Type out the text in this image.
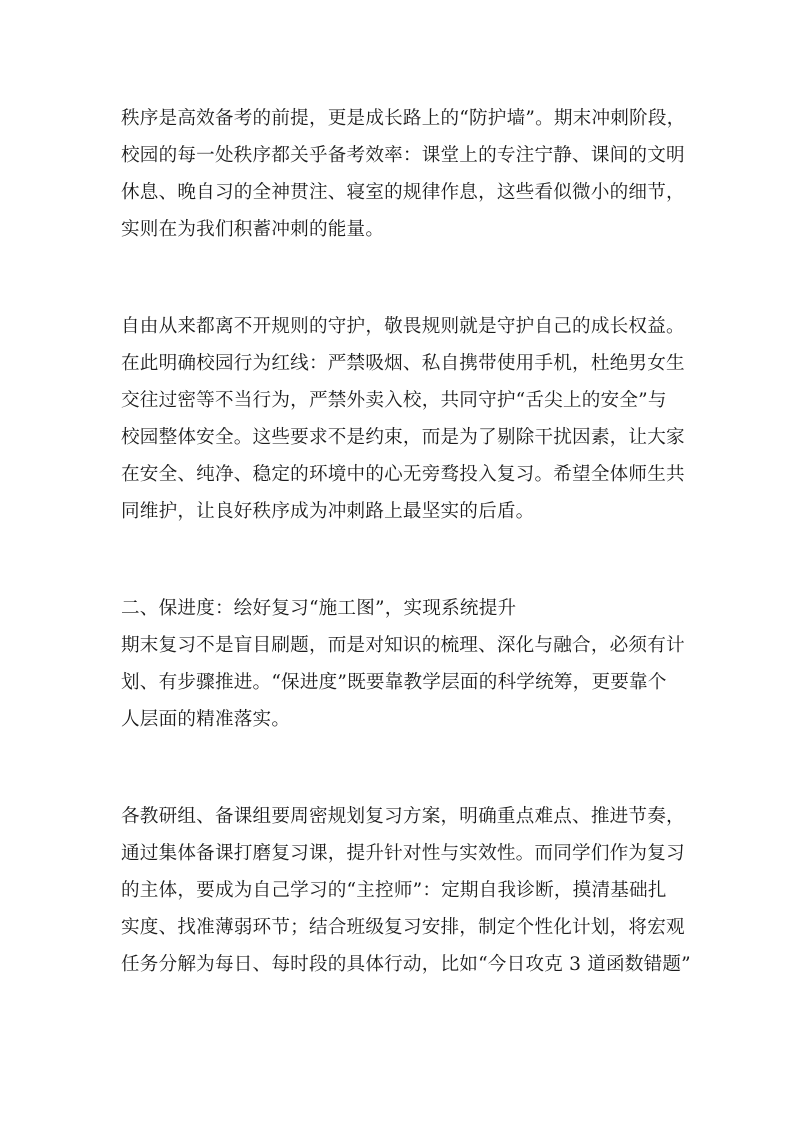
秩序是高效备考的前提，更是成长路上的“防护墙”。期末冲刺阶段，
校园的每一处秩序都关乎备考效率：课堂上的专注宁静、课间的文明
休息、晚自习的全神贯注、寝室的规律作息，这些看似微小的细节，
实则在为我们积蓄冲刺的能量。
自由从来都离不开规则的守护，敬畏规则就是守护自己的成长权益。
在此明确校园行为红线：严禁吸烟、私自携带使用手机，杜绝男女生
交往过密等不当行为，严禁外卖入校，共同守护“舌尖上的安全”与
校园整体安全。这些要求不是约束，而是为了剔除干扰因素，让大家
在安全、纯净、稳定的环境中的心无旁骛投入复习。希望全体师生共
同维护，让良好秩序成为冲刺路上最坚实的后盾。
二、保进度：绘好复习“施工图”，实现系统提升
期末复习不是盲目刷题，而是对知识的梳理、深化与融合，必须有计
划、有步骤推进。“保进度”既要靠教学层面的科学统筹，更要靠个
人层面的精准落实。
各教研组、备课组要周密规划复习方案，明确重点难点、推进节奏，
通过集体备课打磨复习课，提升针对性与实效性。而同学们作为复习
的主体，要成为自己学习的“主控师”：定期自我诊断，摸清基础扎
实度、找准薄弱环节；结合班级复习安排，制定个性化计划，将宏观
任务分解为每日、每时段的具体行动，比如“今日攻克 3 道函数错题”
